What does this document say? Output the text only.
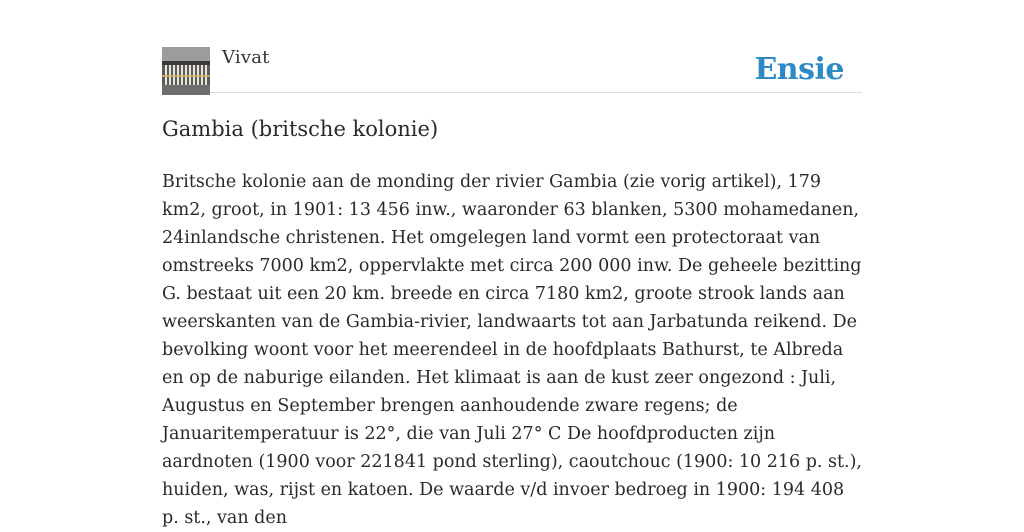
Vivat	Ensie
Gambia (britsche kolonie)

Britsche kolonie aan de monding der rivier Gambia (zie vorig artikel), 179 km2, groot, in 1901: 13 456 inw., waaronder 63 blanken, 5300 mohamedanen, 24inlandsche christenen. Het omgelegen land vormt een protectoraat van omstreeks 7000 km2, oppervlakte met circa 200 000 inw. De geheele bezitting G. bestaat uit een 20 km. breede en circa 7180 km2, groote strook lands aan weerskanten van de Gambia-rivier, landwaarts tot aan Jarbatunda reikend. De bevolking woont voor het meerendeel in de hoofdplaats Bathurst, te Albreda en op de naburige eilanden. Het klimaat is aan de kust zeer ongezond : Juli, Augustus en September brengen aanhoudende zware regens; de Januaritemperatuur is 22°, die van Juli 27° C De hoofdproducten zijn aardnoten (1900 voor 221841 pond sterling), caoutchouc (1900: 10 216 p. st.), huiden, was, rijst en katoen. De waarde v/d invoer bedroeg in 1900: 194 408 p. st., van den
